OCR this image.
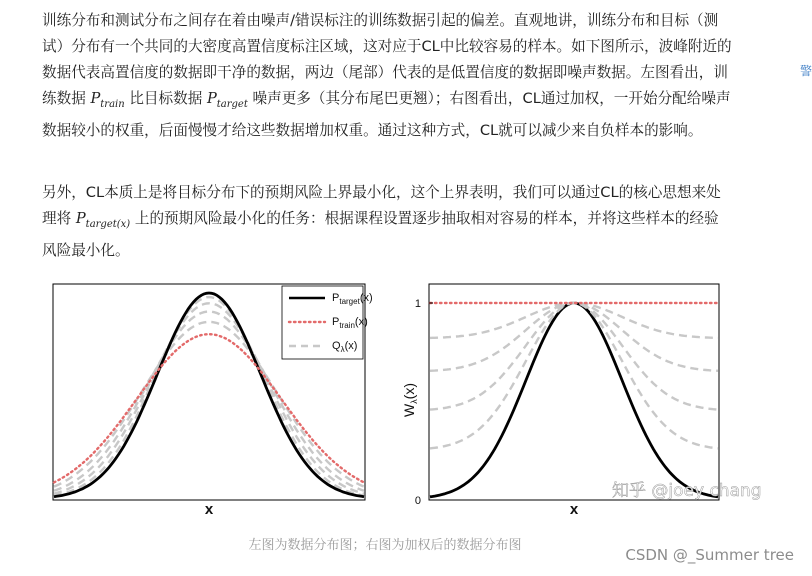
训练分布和测试分布之间存在着由噪声/错误标注的训练数据引起的偏差。直观地讲，训练分布和目标（测试）分布有一个共同的大密度高置信度标注区域，这对应于CL中比较容易的样本。如下图所示，波峰附近的数据代表高置信度的数据即干净的数据，两边（尾部）代表的是低置信度的数据即噪声数据。左图看出，训练数据 $P_{train}$ 比目标数据 $P_{target}$ 噪声更多（其分布尾巴更翘）；右图看出，CL通过加权，一开始分配给噪声数据较小的权重，后面慢慢才给这些数据增加权重。通过这种方式，CL就可以减少来自负样本的影响。

另外，CL本质上是将目标分布下的预期风险上界最小化，这个上界表明，我们可以通过CL的核心思想来处理将 $P_{target(x)}$ 上的预期风险最小化的任务：根据课程设置逐步抽取相对容易的样本，并将这些样本的经验风险最小化。

警
$P_{target}(x)$
$P_{train}(x)$
$Q_\lambda(x)$
x
1
0
$W_\lambda(x)$
x
知乎 @joey chang
左图为数据分布图；右图为加权后的数据分布图
CSDN @_Summer tree
